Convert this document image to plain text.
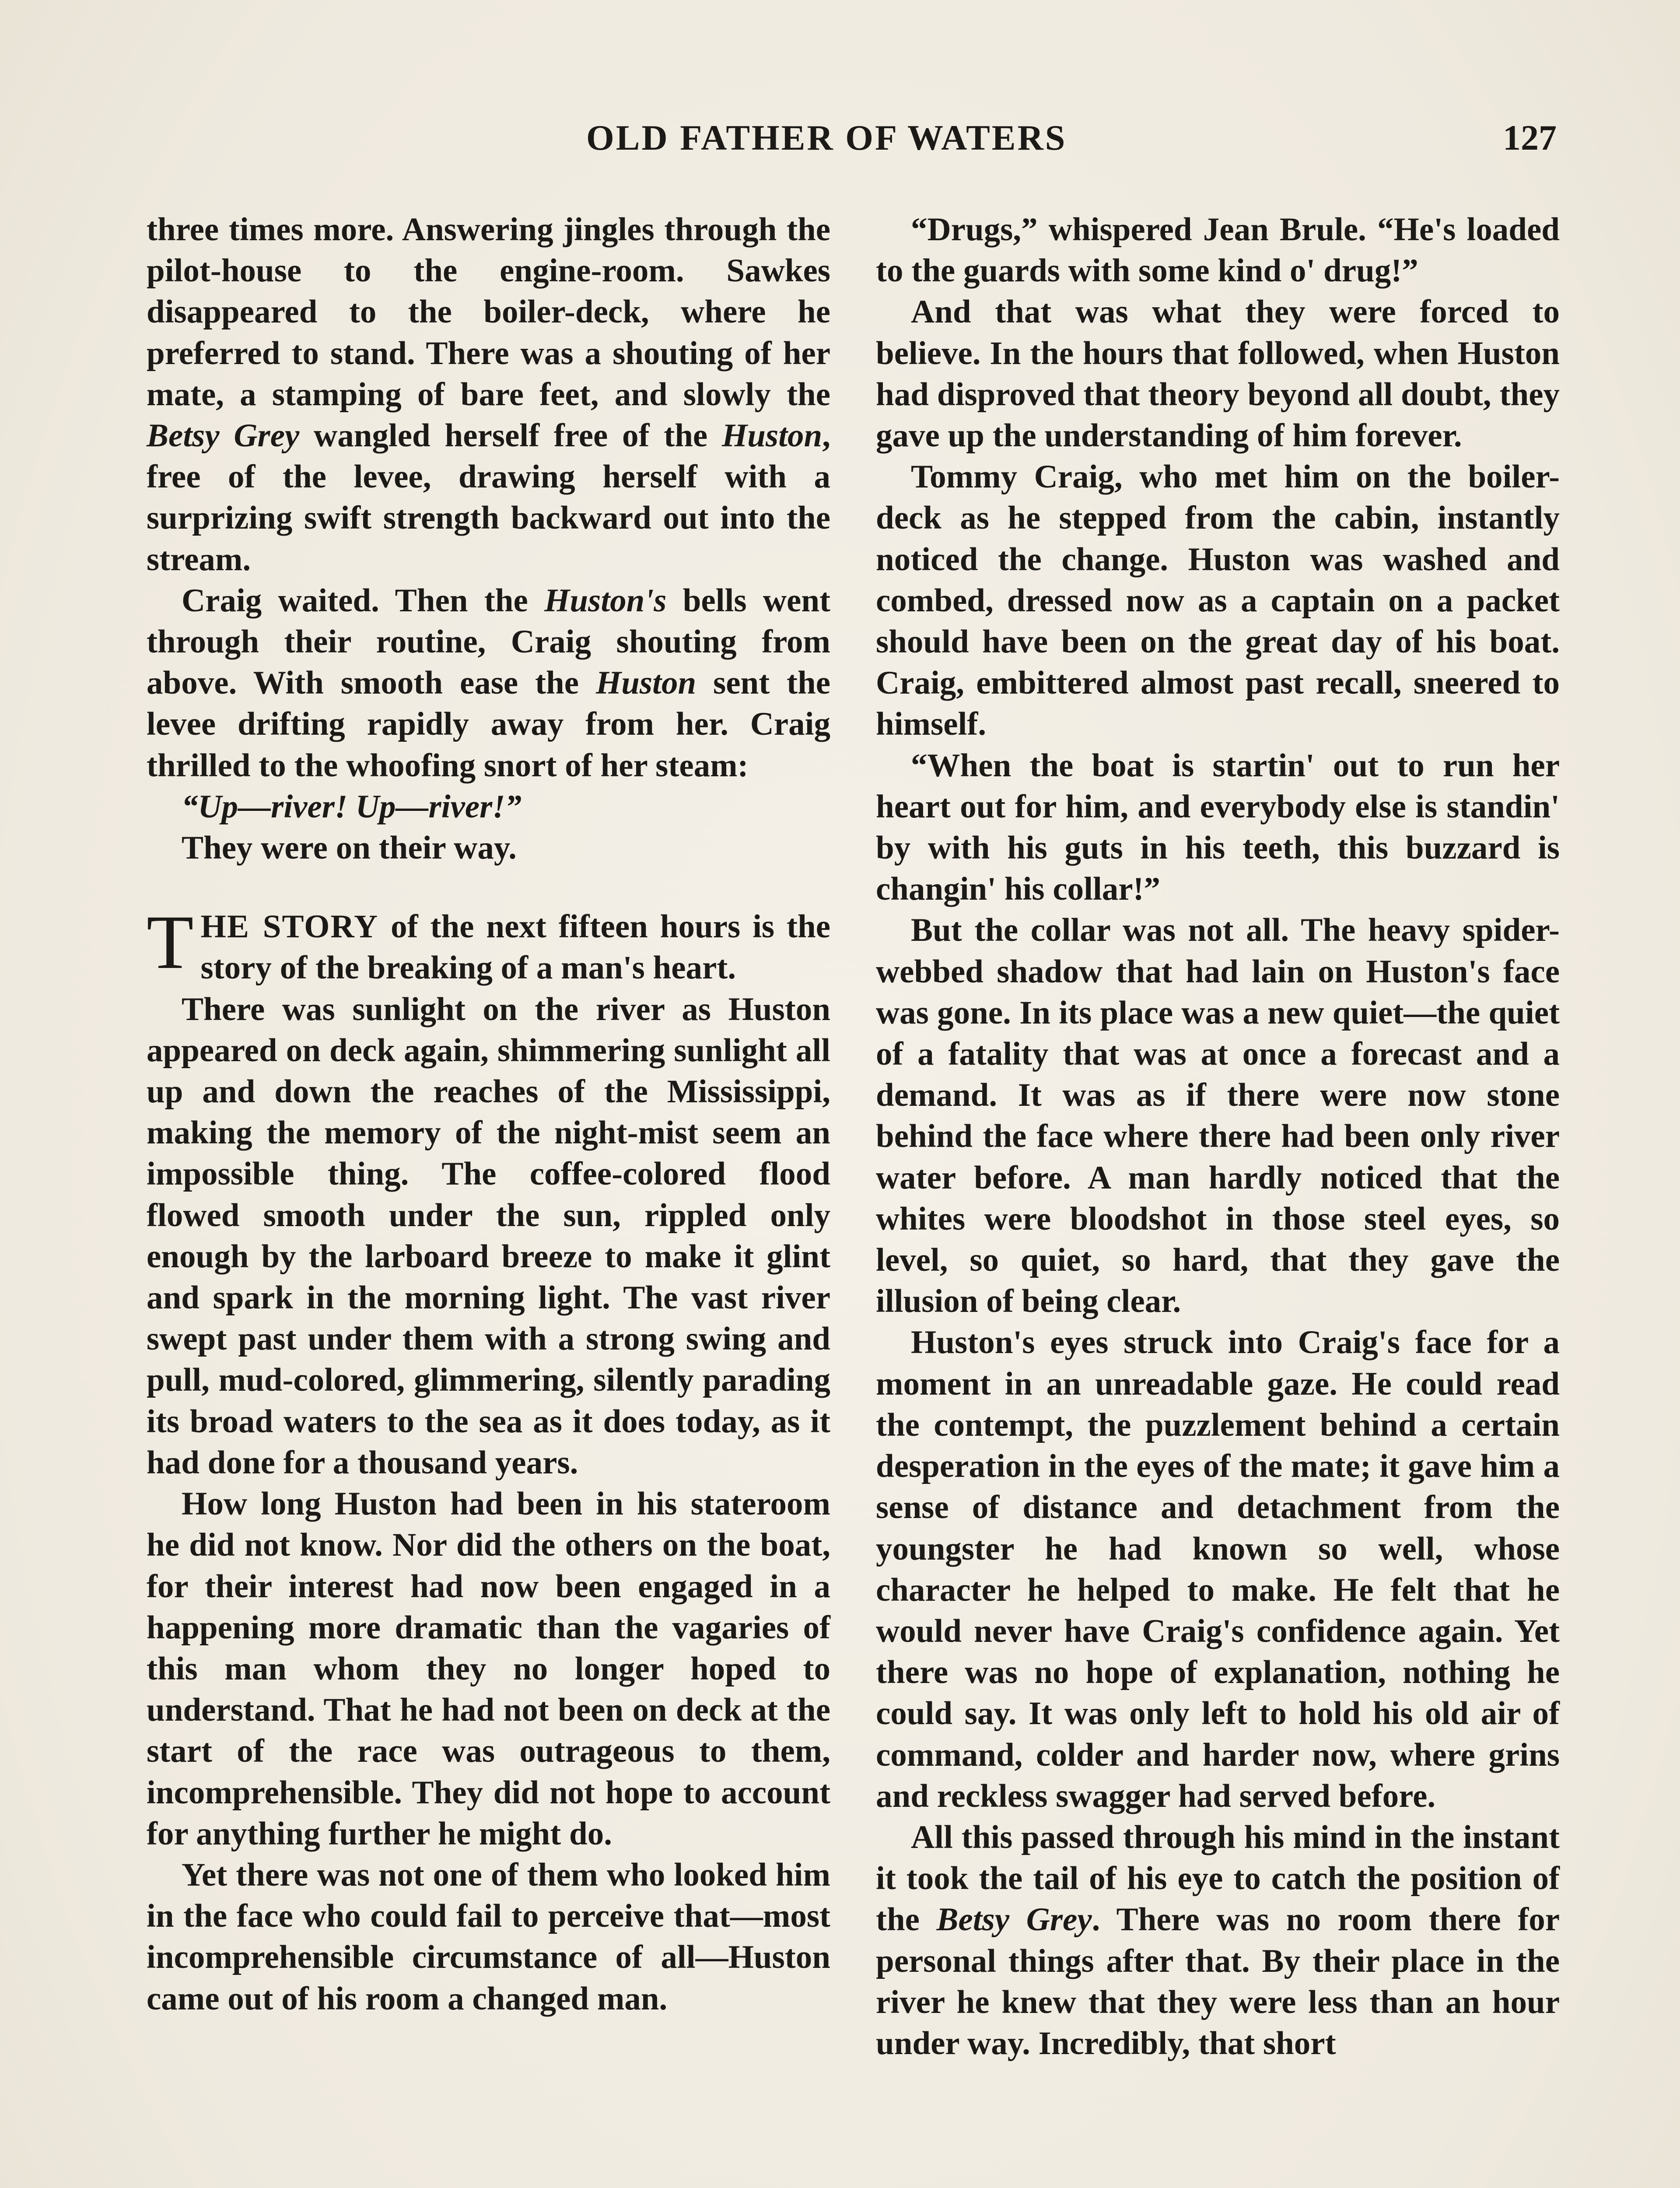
OLD FATHER OF WATERS	127

three times more. Answering jingles through the pilot-house to the engine-room. Sawkes disappeared to the boiler-deck, where he preferred to stand. There was a shouting of her mate, a stamping of bare feet, and slowly the Betsy Grey wangled herself free of the Huston, free of the levee, drawing herself with a surprizing swift strength backward out into the stream.

Craig waited. Then the Huston's bells went through their routine, Craig shouting from above. With smooth ease the Huston sent the levee drifting rapidly away from her. Craig thrilled to the whoofing snort of her steam:

“Up—river! Up—river!”

They were on their way.

THE STORY of the next fifteen hours is the story of the breaking of a man's heart.

There was sunlight on the river as Huston appeared on deck again, shimmering sunlight all up and down the reaches of the Mississippi, making the memory of the night-mist seem an impossible thing. The coffee-colored flood flowed smooth under the sun, rippled only enough by the larboard breeze to make it glint and spark in the morning light. The vast river swept past under them with a strong swing and pull, mud-colored, glimmering, silently parading its broad waters to the sea as it does today, as it had done for a thousand years.

How long Huston had been in his stateroom he did not know. Nor did the others on the boat, for their interest had now been engaged in a happening more dramatic than the vagaries of this man whom they no longer hoped to understand. That he had not been on deck at the start of the race was outrageous to them, incomprehensible. They did not hope to account for anything further he might do.

Yet there was not one of them who looked him in the face who could fail to perceive that—most incomprehensible circumstance of all—Huston came out of his room a changed man.

“Drugs,” whispered Jean Brule. “He's loaded to the guards with some kind o' drug!”

And that was what they were forced to believe. In the hours that followed, when Huston had disproved that theory beyond all doubt, they gave up the understanding of him forever.

Tommy Craig, who met him on the boiler-deck as he stepped from the cabin, instantly noticed the change. Huston was washed and combed, dressed now as a captain on a packet should have been on the great day of his boat. Craig, embittered almost past recall, sneered to himself.

“When the boat is startin' out to run her heart out for him, and everybody else is standin' by with his guts in his teeth, this buzzard is changin' his collar!”

But the collar was not all. The heavy spider-webbed shadow that had lain on Huston's face was gone. In its place was a new quiet—the quiet of a fatality that was at once a forecast and a demand. It was as if there were now stone behind the face where there had been only river water before. A man hardly noticed that the whites were bloodshot in those steel eyes, so level, so quiet, so hard, that they gave the illusion of being clear.

Huston's eyes struck into Craig's face for a moment in an unreadable gaze. He could read the contempt, the puzzlement behind a certain desperation in the eyes of the mate; it gave him a sense of distance and detachment from the youngster he had known so well, whose character he helped to make. He felt that he would never have Craig's confidence again. Yet there was no hope of explanation, nothing he could say. It was only left to hold his old air of command, colder and harder now, where grins and reckless swagger had served before.

All this passed through his mind in the instant it took the tail of his eye to catch the position of the Betsy Grey. There was no room there for personal things after that. By their place in the river he knew that they were less than an hour under way. Incredibly, that short
